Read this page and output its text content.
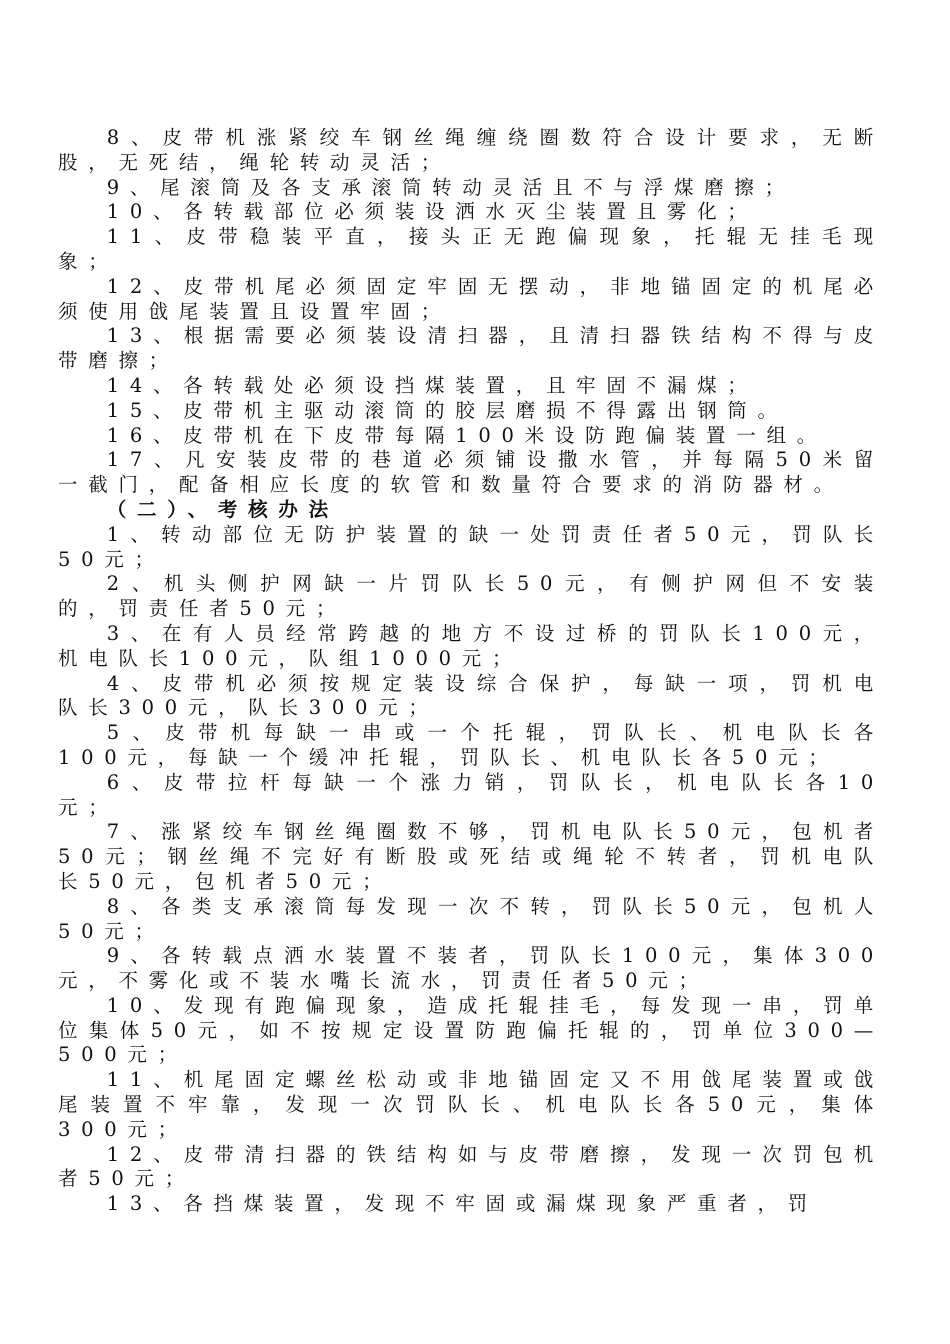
8、皮带机涨紧绞车钢丝绳缠绕圈数符合设计要求，无断股，无死结，绳轮转动灵活；

9、尾滚筒及各支承滚筒转动灵活且不与浮煤磨擦；

10、各转载部位必须装设洒水灭尘装置且雾化；

11、皮带稳装平直，接头正无跑偏现象，托辊无挂毛现象；

12、皮带机尾必须固定牢固无摆动，非地锚固定的机尾必须使用戗尾装置且设置牢固；

13、根据需要必须装设清扫器，且清扫器铁结构不得与皮带磨擦；

14、各转载处必须设挡煤装置，且牢固不漏煤；

15、皮带机主驱动滚筒的胶层磨损不得露出钢筒。

16、皮带机在下皮带每隔100米设防跑偏装置一组。

17、凡安装皮带的巷道必须铺设撒水管，并每隔50米留一截门，配备相应长度的软管和数量符合要求的消防器材。

（二）、考核办法

1、转动部位无防护装置的缺一处罚责任者50元，罚队长50元；

2、机头侧护网缺一片罚队长50元，有侧护网但不安装的，罚责任者50元；

3、在有人员经常跨越的地方不设过桥的罚队长100元，机电队长100元，队组1000元；

4、皮带机必须按规定装设综合保护，每缺一项，罚机电队长300元，队长300元；

5、皮带机每缺一串或一个托辊，罚队长、机电队长各100元，每缺一个缓冲托辊，罚队长、机电队长各50元；

6、皮带拉杆每缺一个涨力销，罚队长，机电队长各10元；

7、涨紧绞车钢丝绳圈数不够，罚机电队长50元，包机者50元；钢丝绳不完好有断股或死结或绳轮不转者，罚机电队长50元，包机者50元；

8、各类支承滚筒每发现一次不转，罚队长50元，包机人50元；

9、各转载点洒水装置不装者，罚队长100元，集体300元，不雾化或不装水嘴长流水，罚责任者50元；

10、发现有跑偏现象，造成托辊挂毛，每发现一串，罚单位集体50元，如不按规定设置防跑偏托辊的，罚单位300—500元；

11、机尾固定螺丝松动或非地锚固定又不用戗尾装置或戗尾装置不牢靠，发现一次罚队长、机电队长各50元，集体300元；

12、皮带清扫器的铁结构如与皮带磨擦，发现一次罚包机者50元；

13、各挡煤装置，发现不牢固或漏煤现象严重者，罚
